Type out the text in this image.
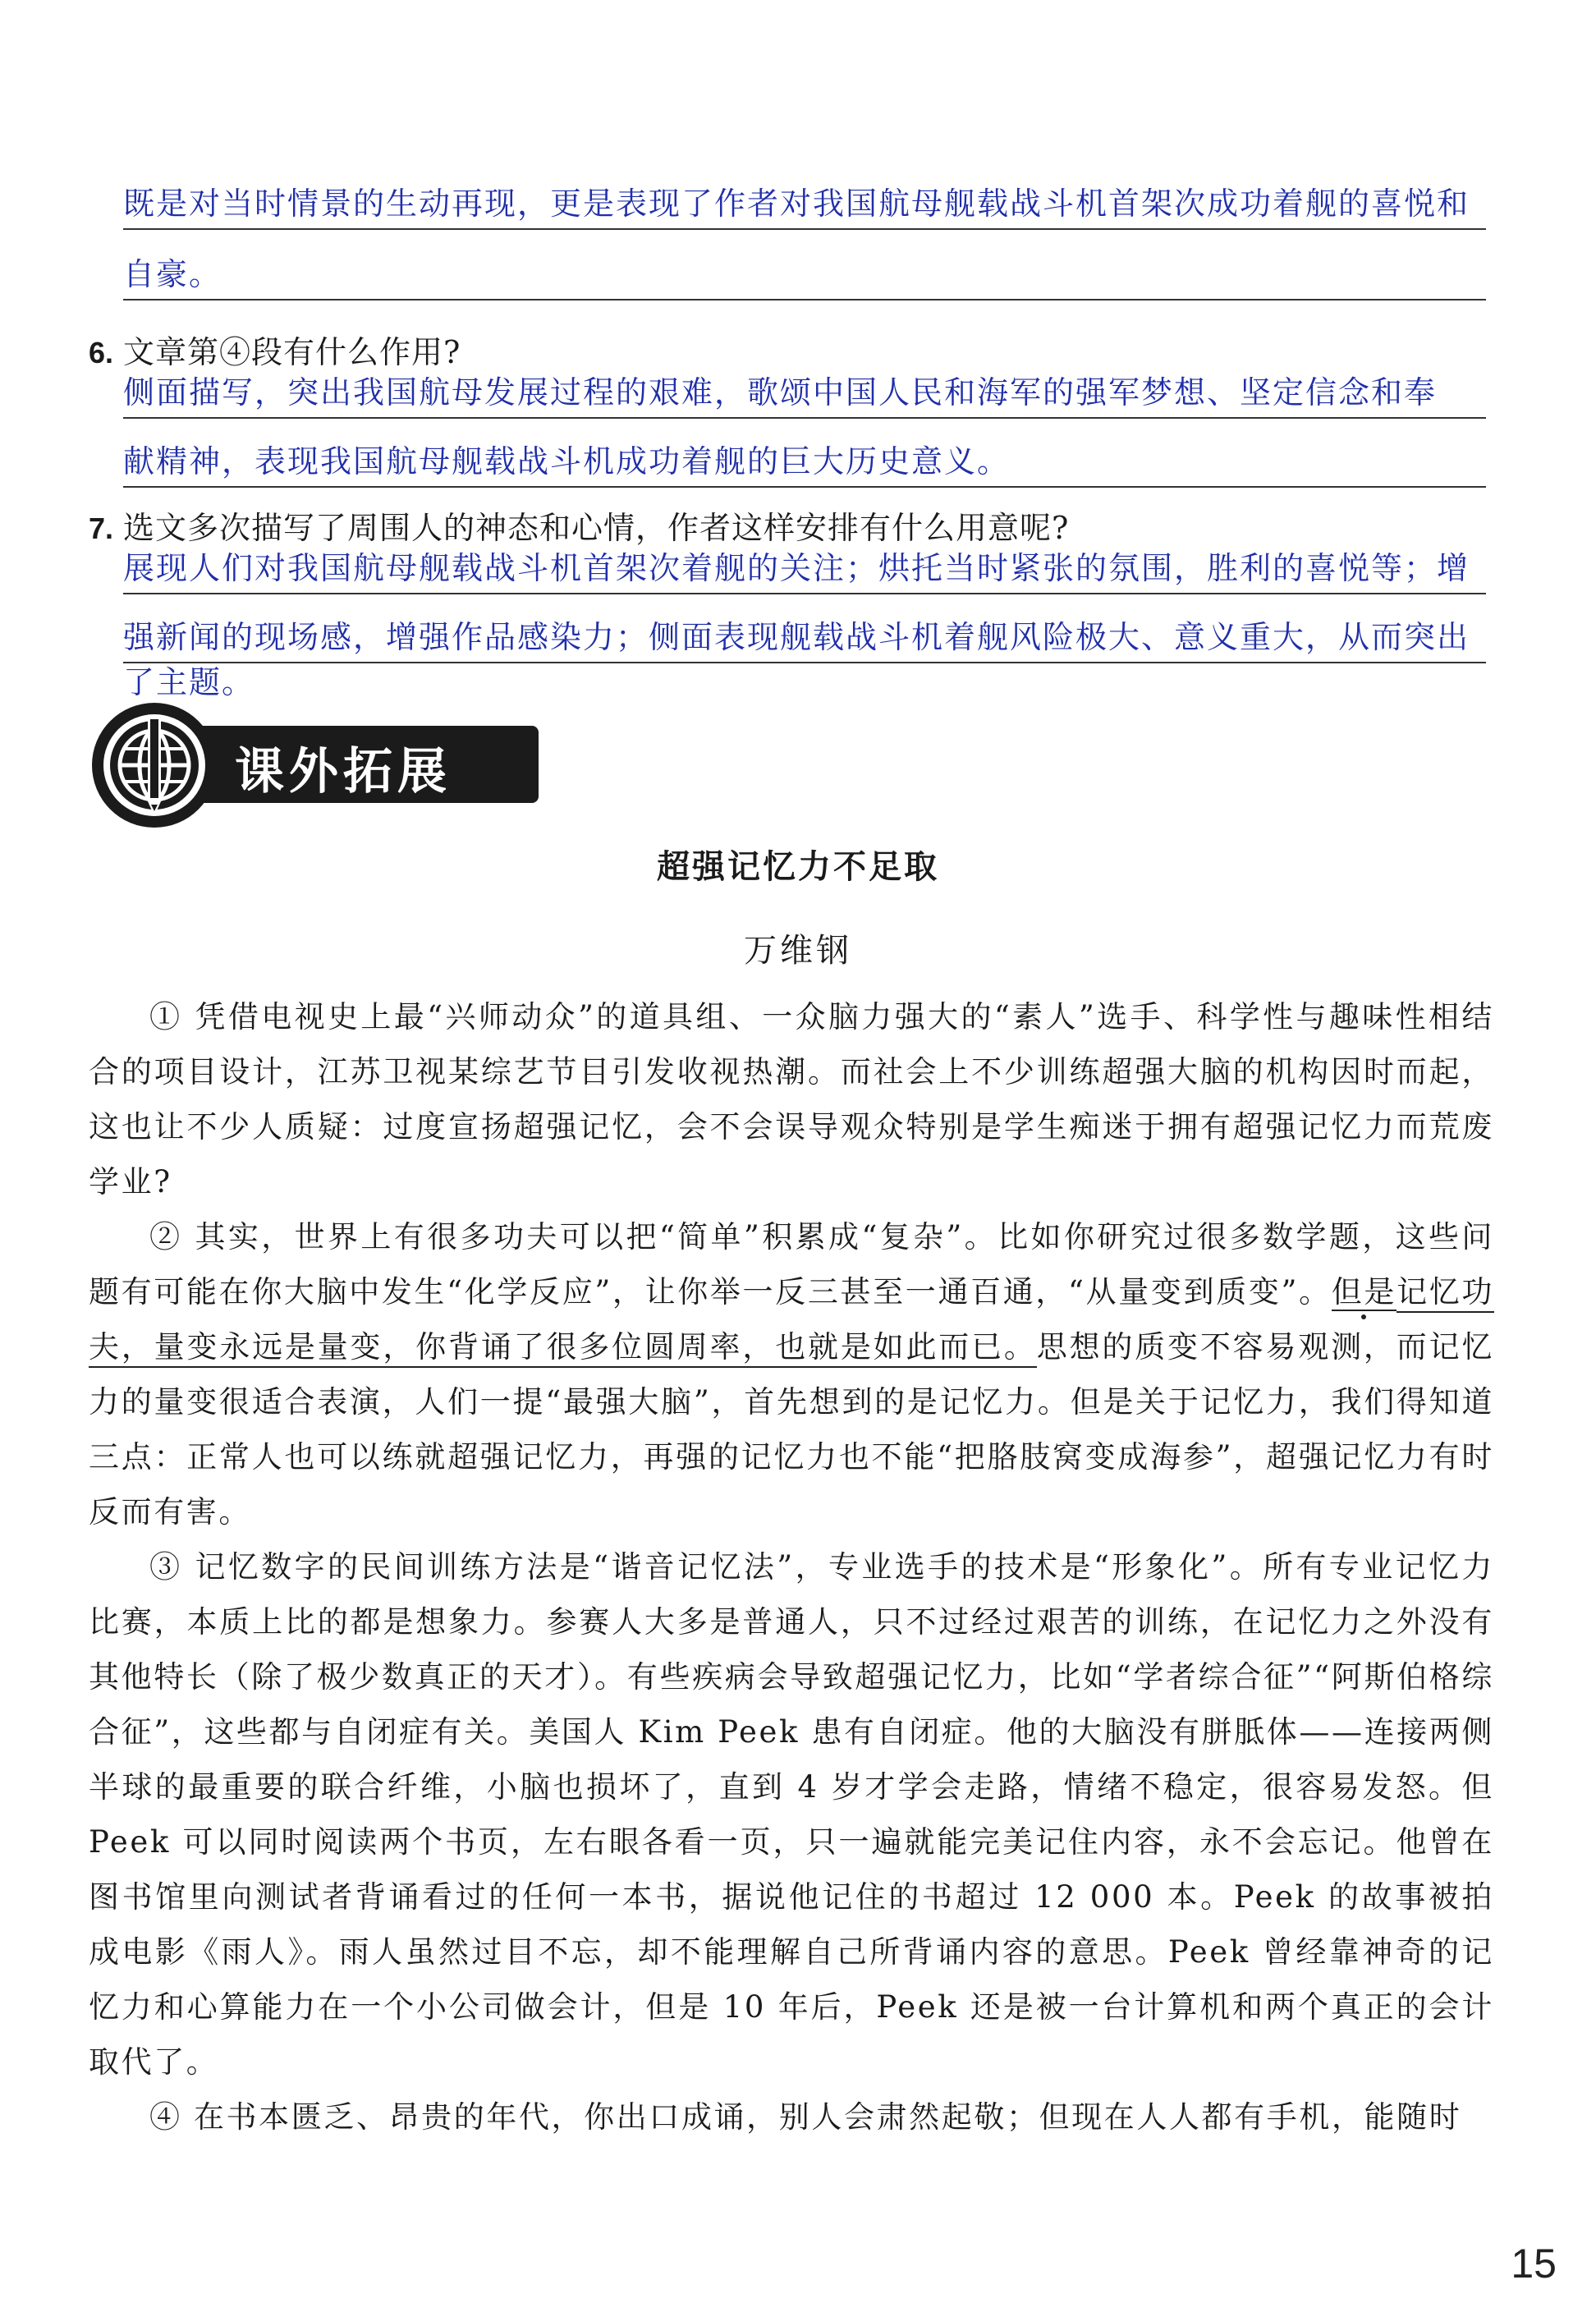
既是对当时情景的生动再现，更是表现了作者对我国航母舰载战斗机首架次成功着舰的喜悦和
自豪。
6. 文章第④段有什么作用?
侧面描写，突出我国航母发展过程的艰难，歌颂中国人民和海军的强军梦想、坚定信念和奉
献精神，表现我国航母舰载战斗机成功着舰的巨大历史意义。
7. 选文多次描写了周围人的神态和心情，作者这样安排有什么用意呢?
展现人们对我国航母舰载战斗机首架次着舰的关注；烘托当时紧张的氛围，胜利的喜悦等；增
强新闻的现场感，增强作品感染力；侧面表现舰载战斗机着舰风险极大、意义重大，从而突出
了主题。
课外拓展
超强记忆力不足取
万维钢

① 凭借电视史上最“兴师动众”的道具组、一众脑力强大的“素人”选手、科学性与趣味性相结合的项目设计，江苏卫视某综艺节目引发收视热潮。而社会上不少训练超强大脑的机构因时而起，这也让不少人质疑：过度宣扬超强记忆，会不会误导观众特别是学生痴迷于拥有超强记忆力而荒废学业?

② 其实，世界上有很多功夫可以把“简单”积累成“复杂”。比如你研究过很多数学题，这些问题有可能在你大脑中发生“化学反应”，让你举一反三甚至一通百通，“从量变到质变”。但是记忆功夫，量变永远是量变，你背诵了很多位圆周率，也就是如此而已。思想的质变不容易观测，而记忆力的量变很适合表演，人们一提“最强大脑”，首先想到的是记忆力。但是关于记忆力，我们得知道三点：正常人也可以练就超强记忆力，再强的记忆力也不能“把胳肢窝变成海参”，超强记忆力有时反而有害。

③ 记忆数字的民间训练方法是“谐音记忆法”，专业选手的技术是“形象化”。所有专业记忆力比赛，本质上比的都是想象力。参赛人大多是普通人，只不过经过艰苦的训练，在记忆力之外没有其他特长（除了极少数真正的天才）。有些疾病会导致超强记忆力，比如“学者综合征”“阿斯伯格综合征”，这些都与自闭症有关。美国人 Kim Peek 患有自闭症。他的大脑没有胼胝体——连接两侧半球的最重要的联合纤维，小脑也损坏了，直到 4 岁才学会走路，情绪不稳定，很容易发怒。但 Peek 可以同时阅读两个书页，左右眼各看一页，只一遍就能完美记住内容，永不会忘记。他曾在图书馆里向测试者背诵看过的任何一本书，据说他记住的书超过 12 000 本。Peek 的故事被拍成电影《雨人》。雨人虽然过目不忘，却不能理解自己所背诵内容的意思。Peek 曾经靠神奇的记忆力和心算能力在一个小公司做会计，但是 10 年后，Peek 还是被一台计算机和两个真正的会计取代了。

④ 在书本匮乏、昂贵的年代，你出口成诵，别人会肃然起敬；但现在人人都有手机，能随时

15
